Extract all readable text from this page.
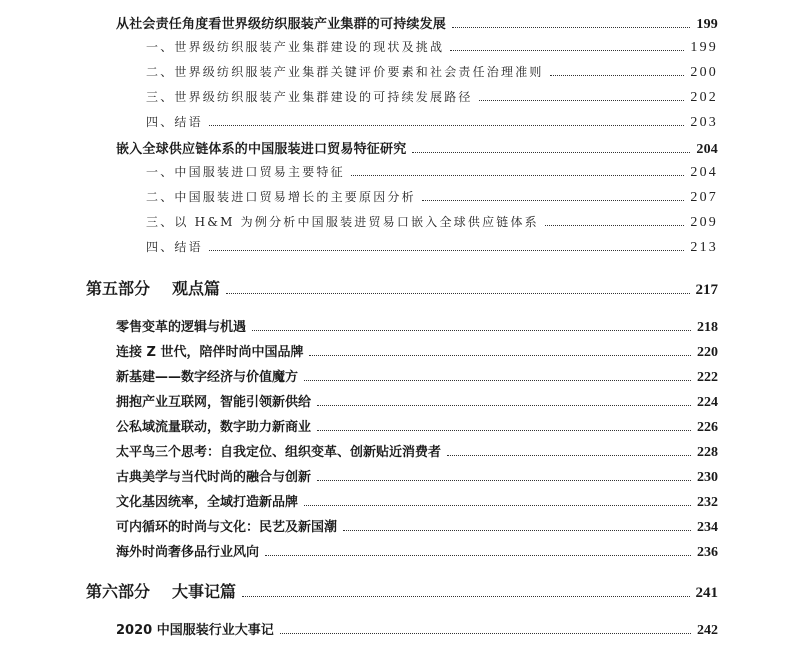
从社会责任角度看世界级纺织服装产业集群的可持续发展	199
一、世界级纺织服装产业集群建设的现状及挑战	199
二、世界级纺织服装产业集群关键评价要素和社会责任治理准则	200
三、世界级纺织服装产业集群建设的可持续发展路径	202
四、结语	203
嵌入全球供应链体系的中国服装进口贸易特征研究	204
一、中国服装进口贸易主要特征	204
二、中国服装进口贸易增长的主要原因分析	207
三、以 H&M 为例分析中国服装进贸易口嵌入全球供应链体系	209
四、结语	213
第五部分 观点篇	217
零售变革的逻辑与机遇	218
连接 Z 世代，陪伴时尚中国品牌	220
新基建——数字经济与价值魔方	222
拥抱产业互联网，智能引领新供给	224
公私域流量联动，数字助力新商业	226
太平鸟三个思考：自我定位、组织变革、创新贴近消费者	228
古典美学与当代时尚的融合与创新	230
文化基因统率，全域打造新品牌	232
可内循环的时尚与文化：民艺及新国潮	234
海外时尚奢侈品行业风向	236
第六部分 大事记篇	241
2020 中国服装行业大事记	242
